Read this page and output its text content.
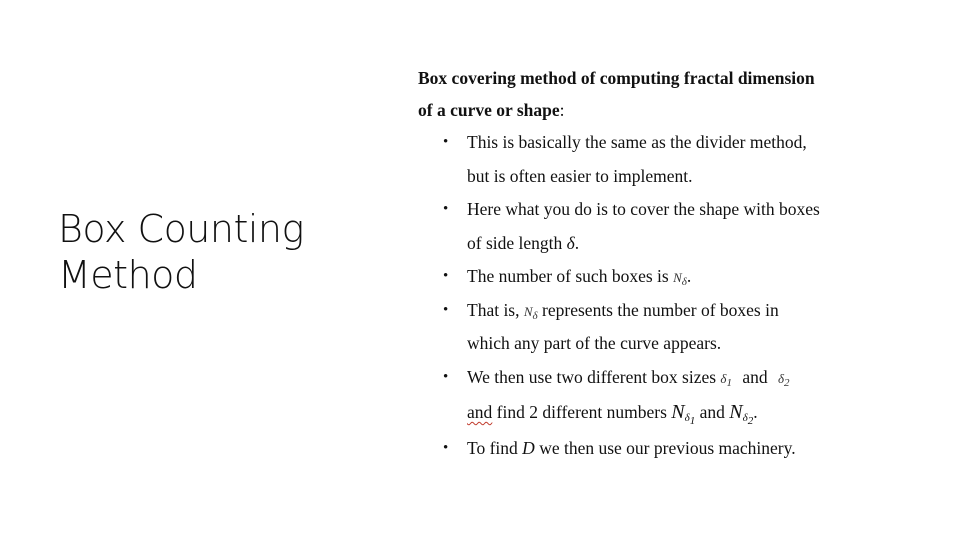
Box Counting
Method
Box covering method of computing fractal dimension
of a curve or shape:
• This is basically the same as the divider method,
but is often easier to implement.
• Here what you do is to cover the shape with boxes
of side length δ.
• The number of such boxes is $N_\delta$.
• That is, $N_\delta$ represents the number of boxes in
which any part of the curve appears.
• We then use two different box sizes $\delta_1$ and $\delta_2$
and find 2 different numbers $N_{\delta 1}$ and $N_{\delta 2}$.
• To find D we then use our previous machinery.
